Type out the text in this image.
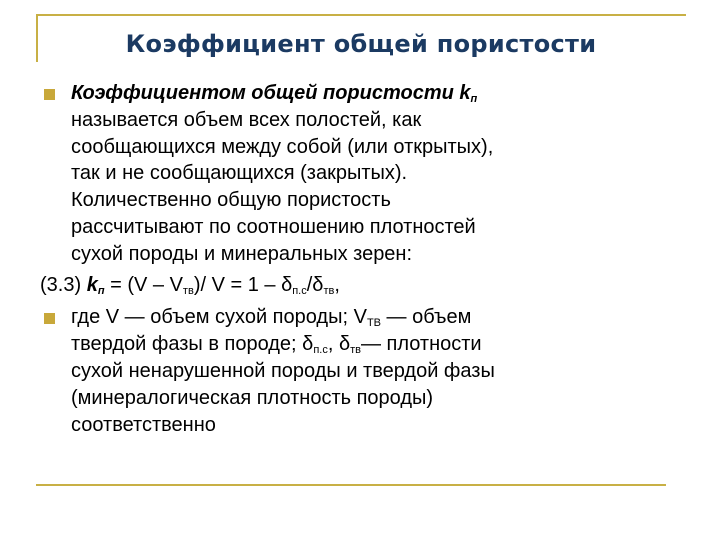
Коэффициент общей пористости
Коэффициентом общей пористости $k_п$
называется объем всех полостей, как
сообщающихся между собой (или открытых),
так и не сообщающихся (закрытых).
Количественно общую пористость
рассчитывают по соотношению плотностей
сухой породы и минеральных зерен:
(3.3) $k_п = (V - V_{тв})/$ $V = 1 - \delta_{п.с}/\delta_{тв}$,
где V — объем сухой породы; $V_{ТВ}$ — объем
твердой фазы в породе; $\delta_{п.с}$, $\delta_{тв}—$ плотности
сухой ненарушенной породы и твердой фазы
(минералогическая плотность породы)
соответственно
